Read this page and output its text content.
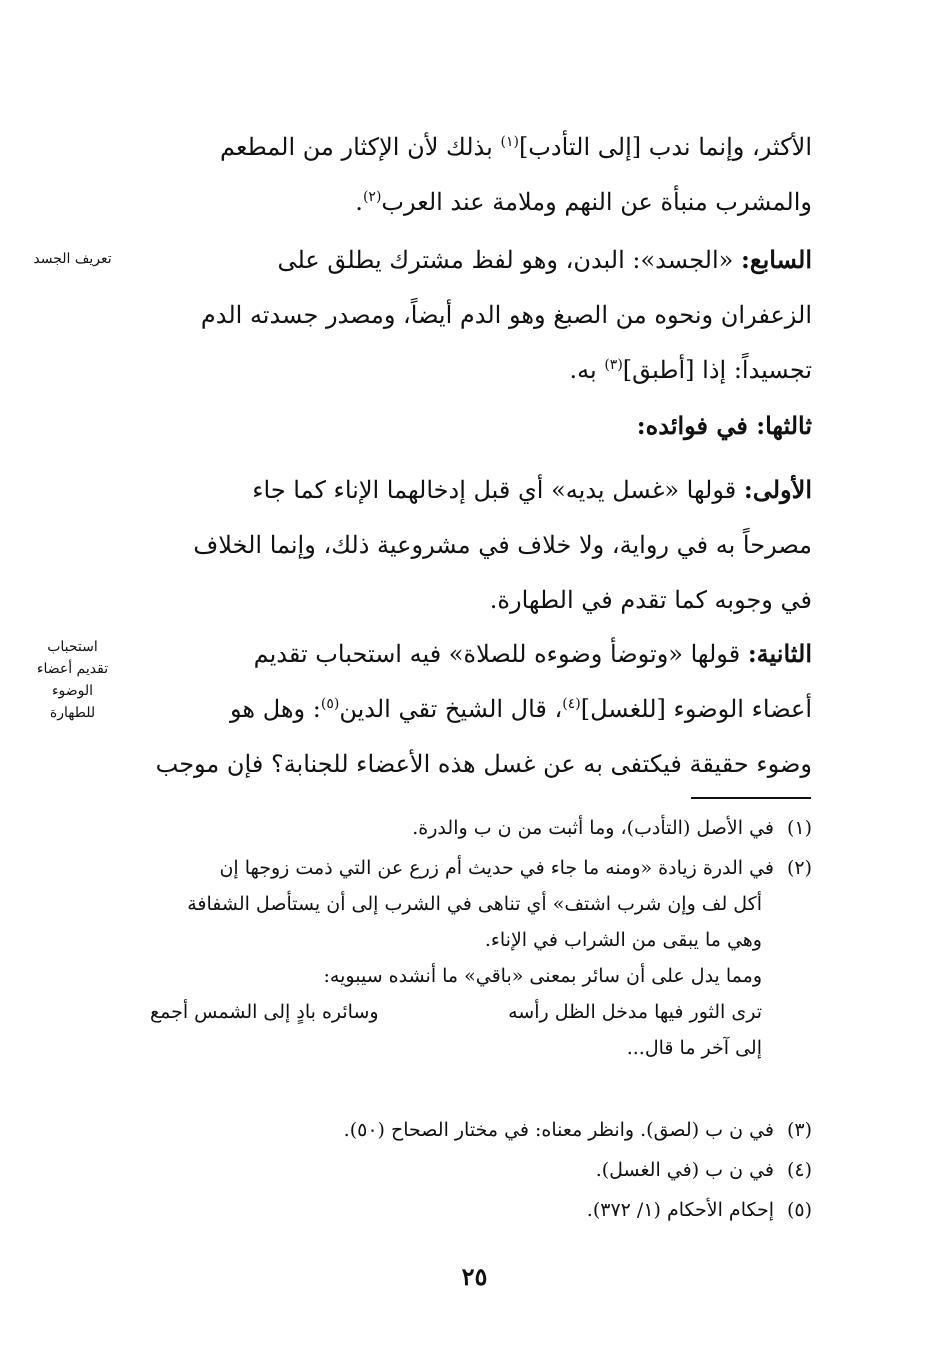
الأكثر، وإنما ندب [إلى التأدب]$^{(١)}$ بذلك لأن الإكثار من المطعم
والمشرب منبأة عن النهم وملامة عند العرب$^{(٢)}$.
السابع: «الجسد»: البدن، وهو لفظ مشترك يطلق على
الزعفران ونحوه من الصبغ وهو الدم أيضاً، ومصدر جسدته الدم
تجسيداً: إذا [أطبق]$^{(٣)}$ به.
تعريف الجسد
ثالثها: في فوائده:
الأولى: قولها «غسل يديه» أي قبل إدخالهما الإناء كما جاء
مصرحاً به في رواية، ولا خلاف في مشروعية ذلك، وإنما الخلاف
في وجوبه كما تقدم في الطهارة.
الثانية: قولها «وتوضأ وضوءه للصلاة» فيه استحباب تقديم
أعضاء الوضوء [للغسل]$^{(٤)}$، قال الشيخ تقي الدين$^{(٥)}$: وهل هو
وضوء حقيقة فيكتفى به عن غسل هذه الأعضاء للجنابة؟ فإن موجب
استحباب
تقديم أعضاء
الوضوء
للطهارة
(١)في الأصل (التأدب)، وما أثبت من ن ب والدرة.
(٢)في الدرة زيادة «ومنه ما جاء في حديث أم زرع عن التي ذمت زوجها إن
أكل لف وإن شرب اشتف» أي تناهى في الشرب إلى أن يستأصل الشفافة
وهي ما يبقى من الشراب في الإناء.
ومما يدل على أن سائر بمعنى «باقي» ما أنشده سيبويه:
ترى الثور فيها مدخل الظل رأسه
وسائره بادٍ إلى الشمس أجمع
إلى آخر ما قال...
(٣)في ن ب (لصق). وانظر معناه: في مختار الصحاح (٥٠).
(٤)في ن ب (في الغسل).
(٥)إحكام الأحكام (١/ ٣٧٢).
٢٥
